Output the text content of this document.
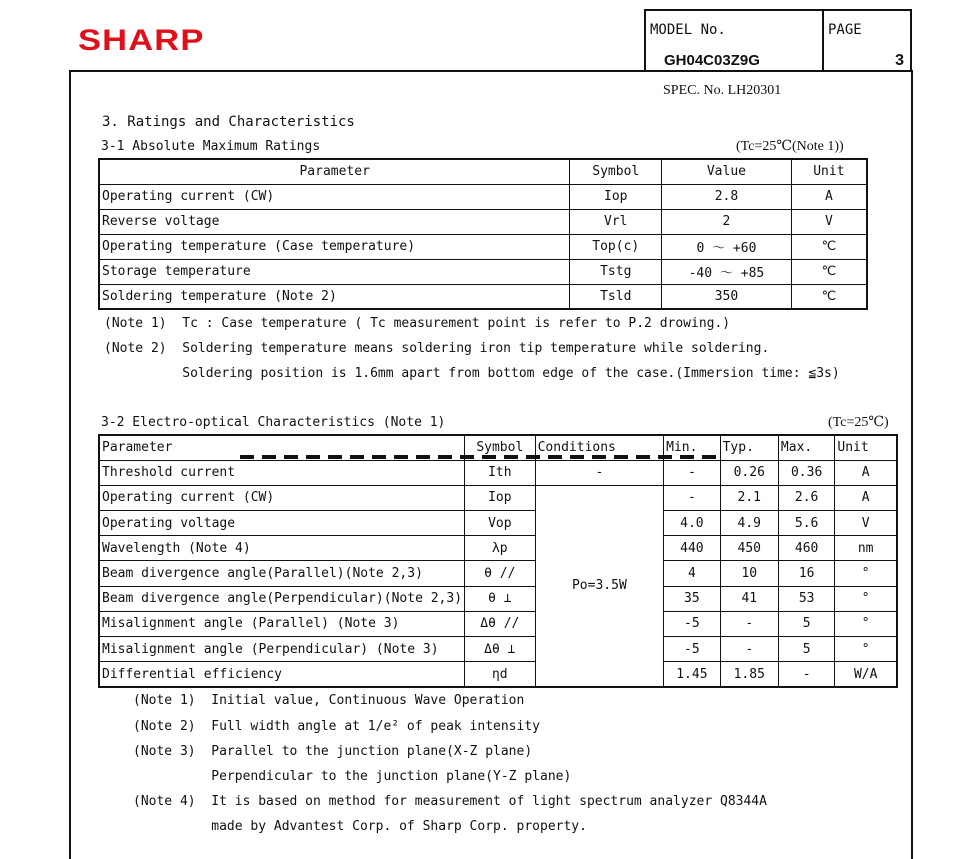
SHARP	MODEL No.
GH04C03Z9G
PAGE
3
SPEC. No. LH20301
3. Ratings and Characteristics
3-1 Absolute Maximum Ratings	(Tc=25℃(Note 1))
Parameter	Symbol	Value	Unit
Operating current (CW)	Iop	2.8	A
Reverse voltage	Vrl	2	V
Operating temperature (Case temperature)	Top(c)	0 ～ +60	℃
Storage temperature	Tstg	-40 ～ +85	℃
Soldering temperature (Note 2)	Tsld	350	℃
(Note 1)  Tc : Case temperature ( Tc measurement point is refer to P.2 drowing.)
(Note 2)  Soldering temperature means soldering iron tip temperature while soldering.
Soldering position is 1.6mm apart from bottom edge of the case.(Immersion time: ≦3s)
3-2 Electro-optical Characteristics (Note 1)	(Tc=25℃)
Parameter	Symbol	Conditions	Min.	Typ.	Max.	Unit
Threshold current	Ith	-	-	0.26	0.36	A
Operating current (CW)	Iop	Po=3.5W	-	2.1	2.6	A
Operating voltage	Vop		4.0	4.9	5.6	V
Wavelength (Note 4)	λp		440	450	460	nm
Beam divergence angle(Parallel)(Note 2,3)	θ //		4	10	16	°
Beam divergence angle(Perpendicular)(Note 2,3)	θ ⊥		35	41	53	°
Misalignment angle (Parallel) (Note 3)	Δθ //		-5	-	5	°
Misalignment angle (Perpendicular) (Note 3)	Δθ ⊥		-5	-	5	°
Differential efficiency	ηd		1.45	1.85	-	W/A
(Note 1)  Initial value, Continuous Wave Operation
(Note 2)  Full width angle at 1/e² of peak intensity
(Note 3)  Parallel to the junction plane(X-Z plane)
Perpendicular to the junction plane(Y-Z plane)
(Note 4)  It is based on method for measurement of light spectrum analyzer Q8344A
made by Advantest Corp. of Sharp Corp. property.
